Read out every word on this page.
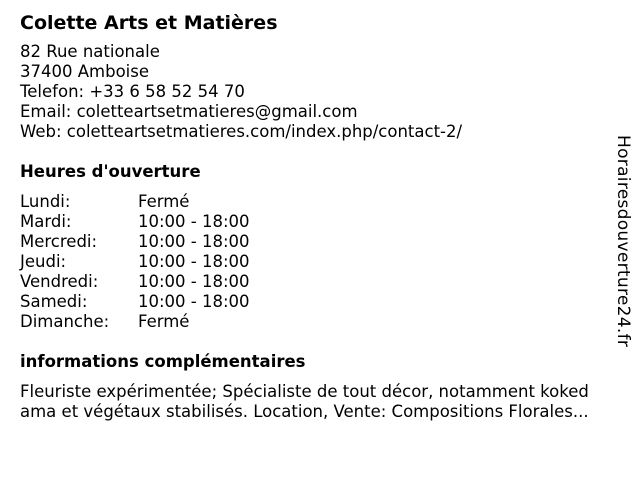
Colette Arts et Matières
82 Rue nationale
37400 Amboise
Telefon: +33 6 58 52 54 70
Email: coletteartsetmatieres@gmail.com
Web: coletteartsetmatieres.com/index.php/contact-2/
Heures d'ouverture
Lundi:	Fermé
Mardi:	10:00 - 18:00
Mercredi:	10:00 - 18:00
Jeudi:	10:00 - 18:00
Vendredi:	10:00 - 18:00
Samedi:	10:00 - 18:00
Dimanche:	Fermé
informations complémentaires
Fleuriste expérimentée; Spécialiste de tout décor, notamment koked ama et végétaux stabilisés. Location, Vente: Compositions Florales...
Horairesdouverture24.fr
